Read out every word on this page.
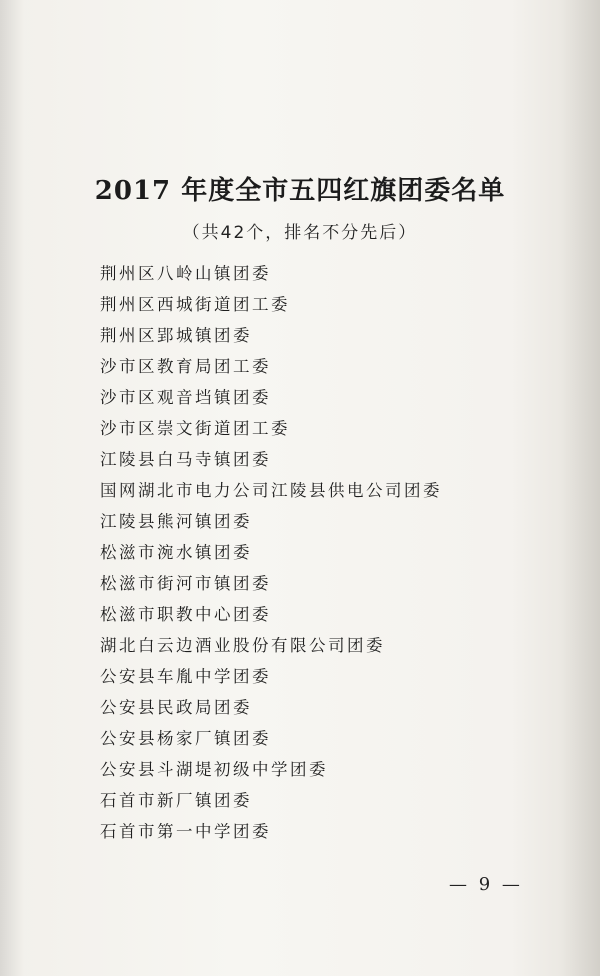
2017 年度全市五四红旗团委名单
（共42个，排名不分先后）
荆州区八岭山镇团委
荆州区西城街道团工委
荆州区郢城镇团委
沙市区教育局团工委
沙市区观音垱镇团委
沙市区崇文街道团工委
江陵县白马寺镇团委
国网湖北市电力公司江陵县供电公司团委
江陵县熊河镇团委
松滋市涴水镇团委
松滋市街河市镇团委
松滋市职教中心团委
湖北白云边酒业股份有限公司团委
公安县车胤中学团委
公安县民政局团委
公安县杨家厂镇团委
公安县斗湖堤初级中学团委
石首市新厂镇团委
石首市第一中学团委
— 9 —
